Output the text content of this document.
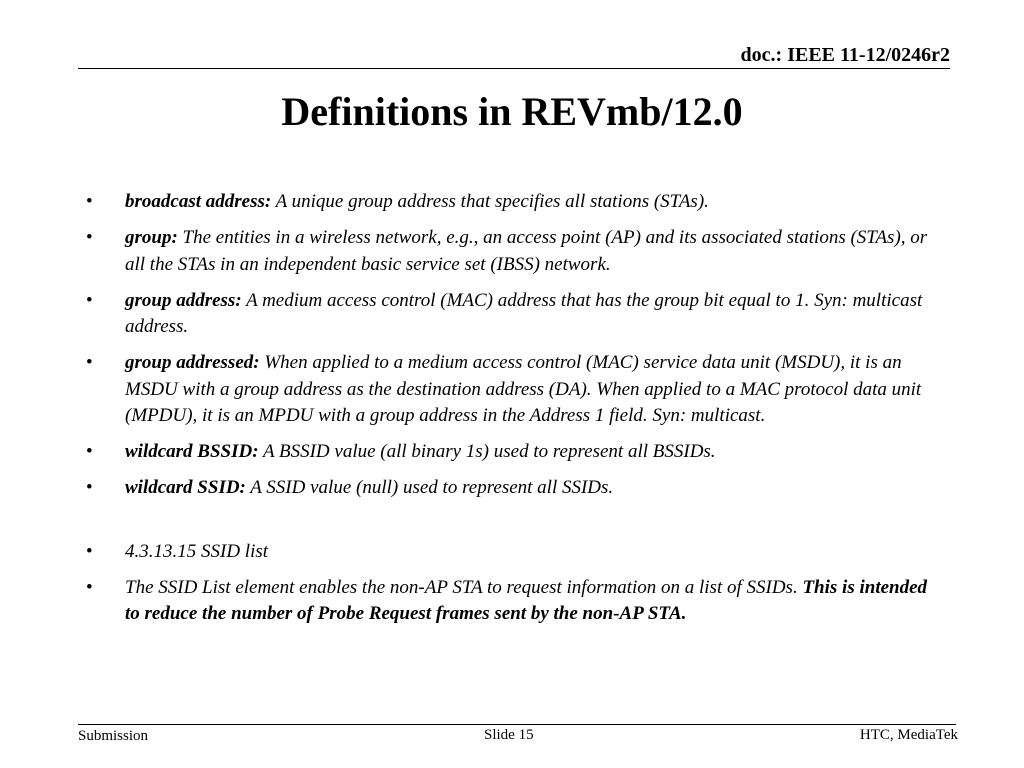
doc.: IEEE 11-12/0246r2
Definitions in REVmb/12.0
• broadcast address: A unique group address that specifies all stations (STAs).
• group: The entities in a wireless network, e.g., an access point (AP) and its associated stations (STAs), or all the STAs in an independent basic service set (IBSS) network.
• group address: A medium access control (MAC) address that has the group bit equal to 1. Syn: multicast address.
• group addressed: When applied to a medium access control (MAC) service data unit (MSDU), it is an MSDU with a group address as the destination address (DA). When applied to a MAC protocol data unit (MPDU), it is an MPDU with a group address in the Address 1 field. Syn: multicast.
• wildcard BSSID: A BSSID value (all binary 1s) used to represent all BSSIDs.
• wildcard SSID: A SSID value (null) used to represent all SSIDs.
• 4.3.13.15 SSID list
• The SSID List element enables the non-AP STA to request information on a list of SSIDs. This is intended to reduce the number of Probe Request frames sent by the non-AP STA.
Submission	Slide 15	HTC, MediaTek
